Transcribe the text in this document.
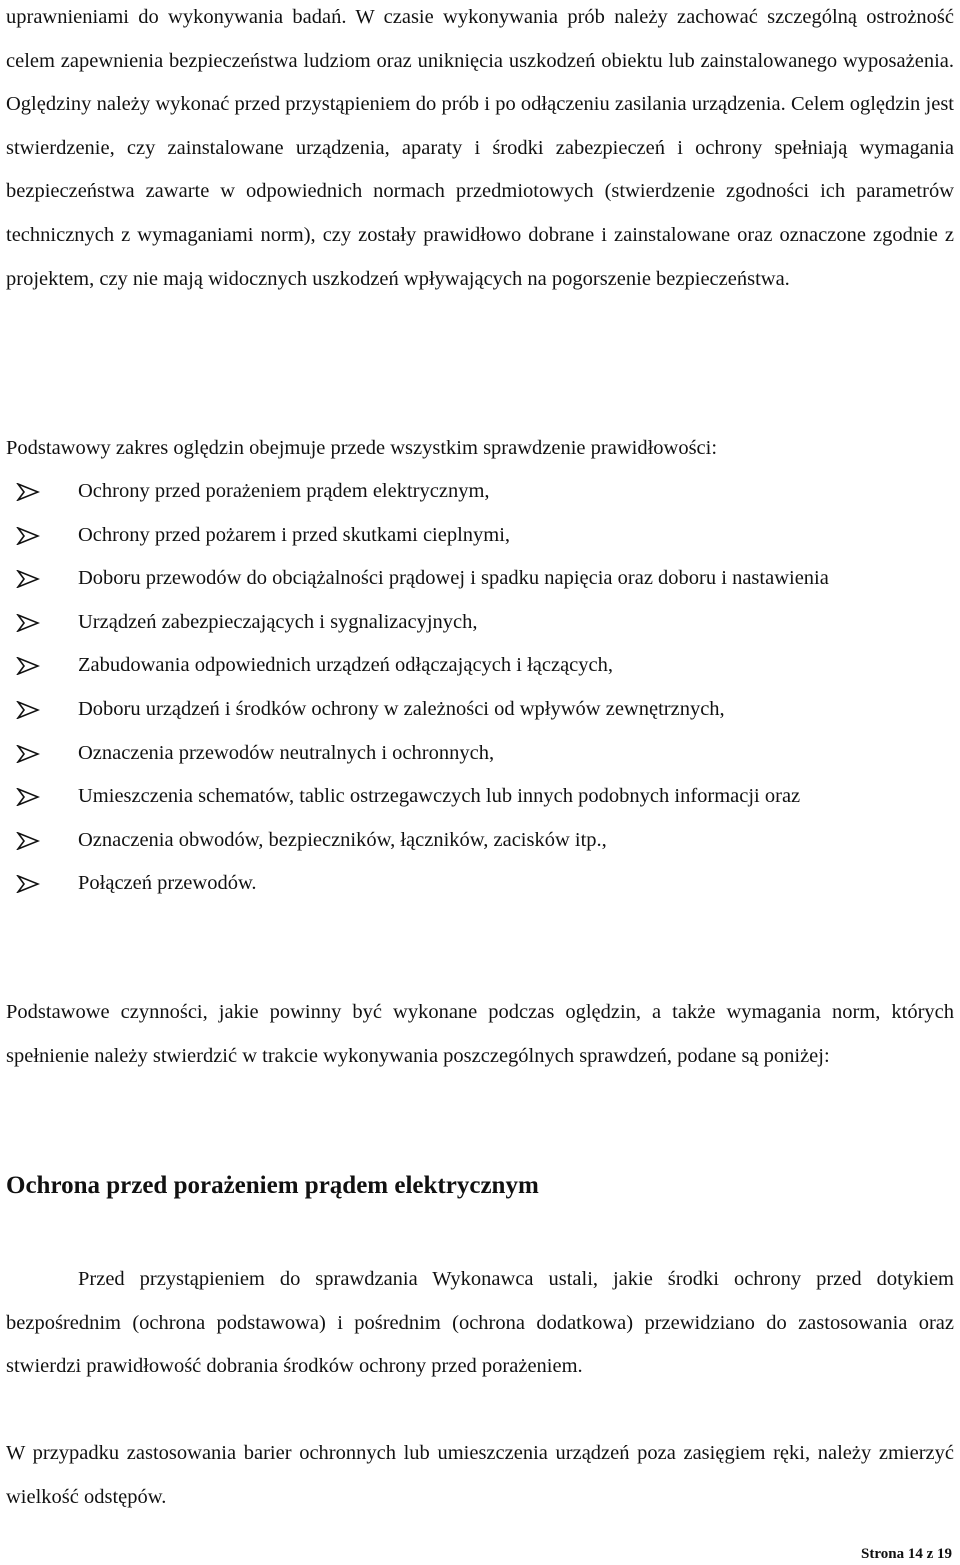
uprawnieniami do wykonywania badań. W czasie wykonywania prób należy zachować szczególną ostrożność celem zapewnienia bezpieczeństwa ludziom oraz uniknięcia uszkodzeń obiektu lub zainstalowanego wyposażenia. Oględziny należy wykonać przed przystąpieniem do prób i po odłączeniu zasilania urządzenia. Celem oględzin jest stwierdzenie, czy zainstalowane urządzenia, aparaty i środki zabezpieczeń i ochrony spełniają wymagania bezpieczeństwa zawarte w odpowiednich normach przedmiotowych (stwierdzenie zgodności ich parametrów technicznych z wymaganiami norm), czy zostały prawidłowo dobrane i zainstalowane oraz oznaczone zgodnie z projektem, czy nie mają widocznych uszkodzeń wpływających na pogorszenie bezpieczeństwa.

Podstawowy zakres oględzin obejmuje przede wszystkim sprawdzenie prawidłowości:

Ochrony przed porażeniem prądem elektrycznym,
Ochrony przed pożarem i przed skutkami cieplnymi,
Doboru przewodów do obciążalności prądowej i spadku napięcia oraz doboru i nastawienia
Urządzeń zabezpieczających i sygnalizacyjnych,
Zabudowania odpowiednich urządzeń odłączających i łączących,
Doboru urządzeń i środków ochrony w zależności od wpływów zewnętrznych,
Oznaczenia przewodów neutralnych i ochronnych,
Umieszczenia schematów, tablic ostrzegawczych lub innych podobnych informacji oraz
Oznaczenia obwodów, bezpieczników, łączników, zacisków itp.,
Połączeń przewodów.

Podstawowe czynności, jakie powinny być wykonane podczas oględzin, a także wymagania norm, których spełnienie należy stwierdzić w trakcie wykonywania poszczególnych sprawdzeń, podane są poniżej:

Ochrona przed porażeniem prądem elektrycznym

Przed przystąpieniem do sprawdzania Wykonawca ustali, jakie środki ochrony przed dotykiem bezpośrednim (ochrona podstawowa) i pośrednim (ochrona dodatkowa) przewidziano do zastosowania oraz stwierdzi prawidłowość dobrania środków ochrony przed porażeniem.

W przypadku zastosowania barier ochronnych lub umieszczenia urządzeń poza zasięgiem ręki, należy zmierzyć wielkość odstępów.

Strona 14 z 19
